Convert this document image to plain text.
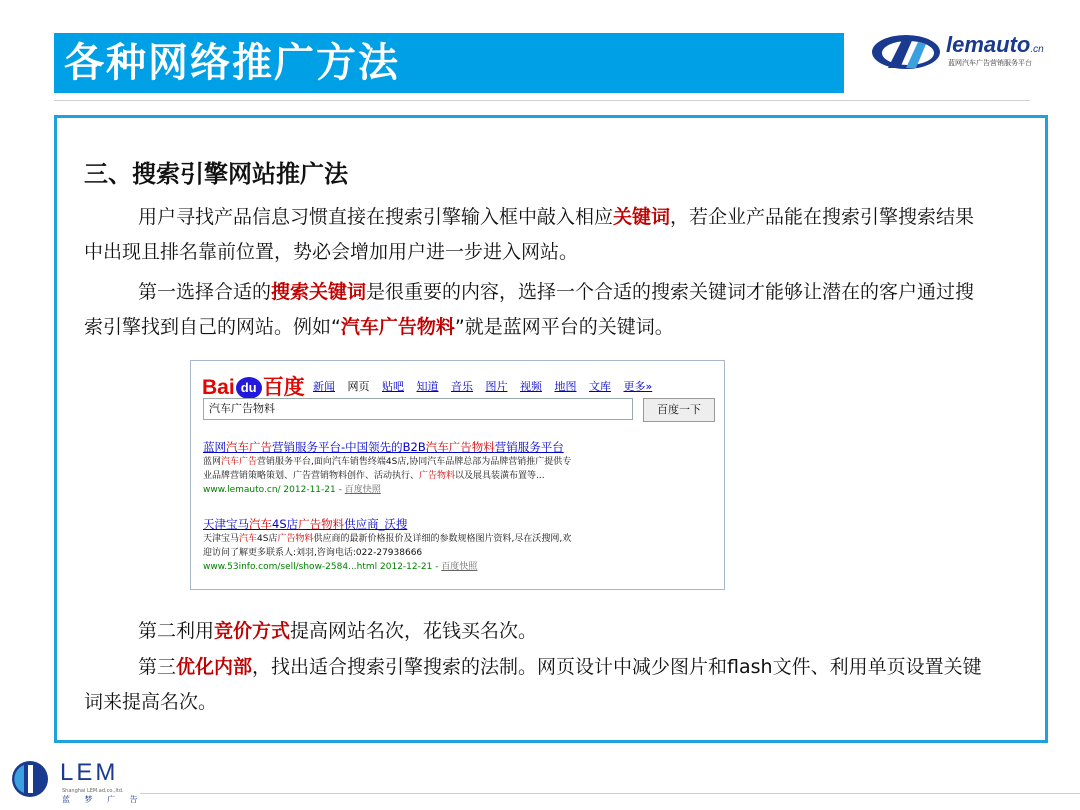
各种网络推广方法	lemauto.cn
蓝网汽车广告营销服务平台
三、搜索引擎网站推广法
用户寻找产品信息习惯直接在搜索引擎输入框中敲入相应关键词，若企业产品能在搜索引擎搜索结果中出现且排名靠前位置，势必会增加用户进一步进入网站。
第一选择合适的搜索关键词是很重要的内容，选择一个合适的搜索关键词才能够让潜在的客户通过搜索引擎找到自己的网站。例如“汽车广告物料”就是蓝网平台的关键词。
Bai du 百度 新闻 网页 贴吧 知道 音乐 图片 视频 地图 文库 更多»
汽车广告物料	百度一下
蓝网汽车广告营销服务平台-中国领先的B2B汽车广告物料营销服务平台
蓝网汽车广告营销服务平台,面向汽车销售终端4S店,协同汽车品牌总部为品牌营销推广提供专
业品牌营销策略策划、广告营销物料创作、活动执行、广告物料以及展具装潢布置等...
www.lemauto.cn/ 2012-11-21 - 百度快照
天津宝马汽车4S店广告物料供应商_沃搜
天津宝马汽车4S店广告物料供应商的最新价格报价及详细的参数规格图片资料,尽在沃搜网,欢
迎访问了解更多联系人:刘羽,咨询电话:022-27938666
www.53info.com/sell/show-2584...html 2012-12-21 - 百度快照
第二利用竞价方式提高网站名次，花钱买名次。
第三优化内部，找出适合搜索引擎搜索的法制。网页设计中减少图片和flash文件、利用单页设置关键词来提高名次。
LEM
Shanghai LEM.ad.co.,ltd.
蓝 梦 广 告
